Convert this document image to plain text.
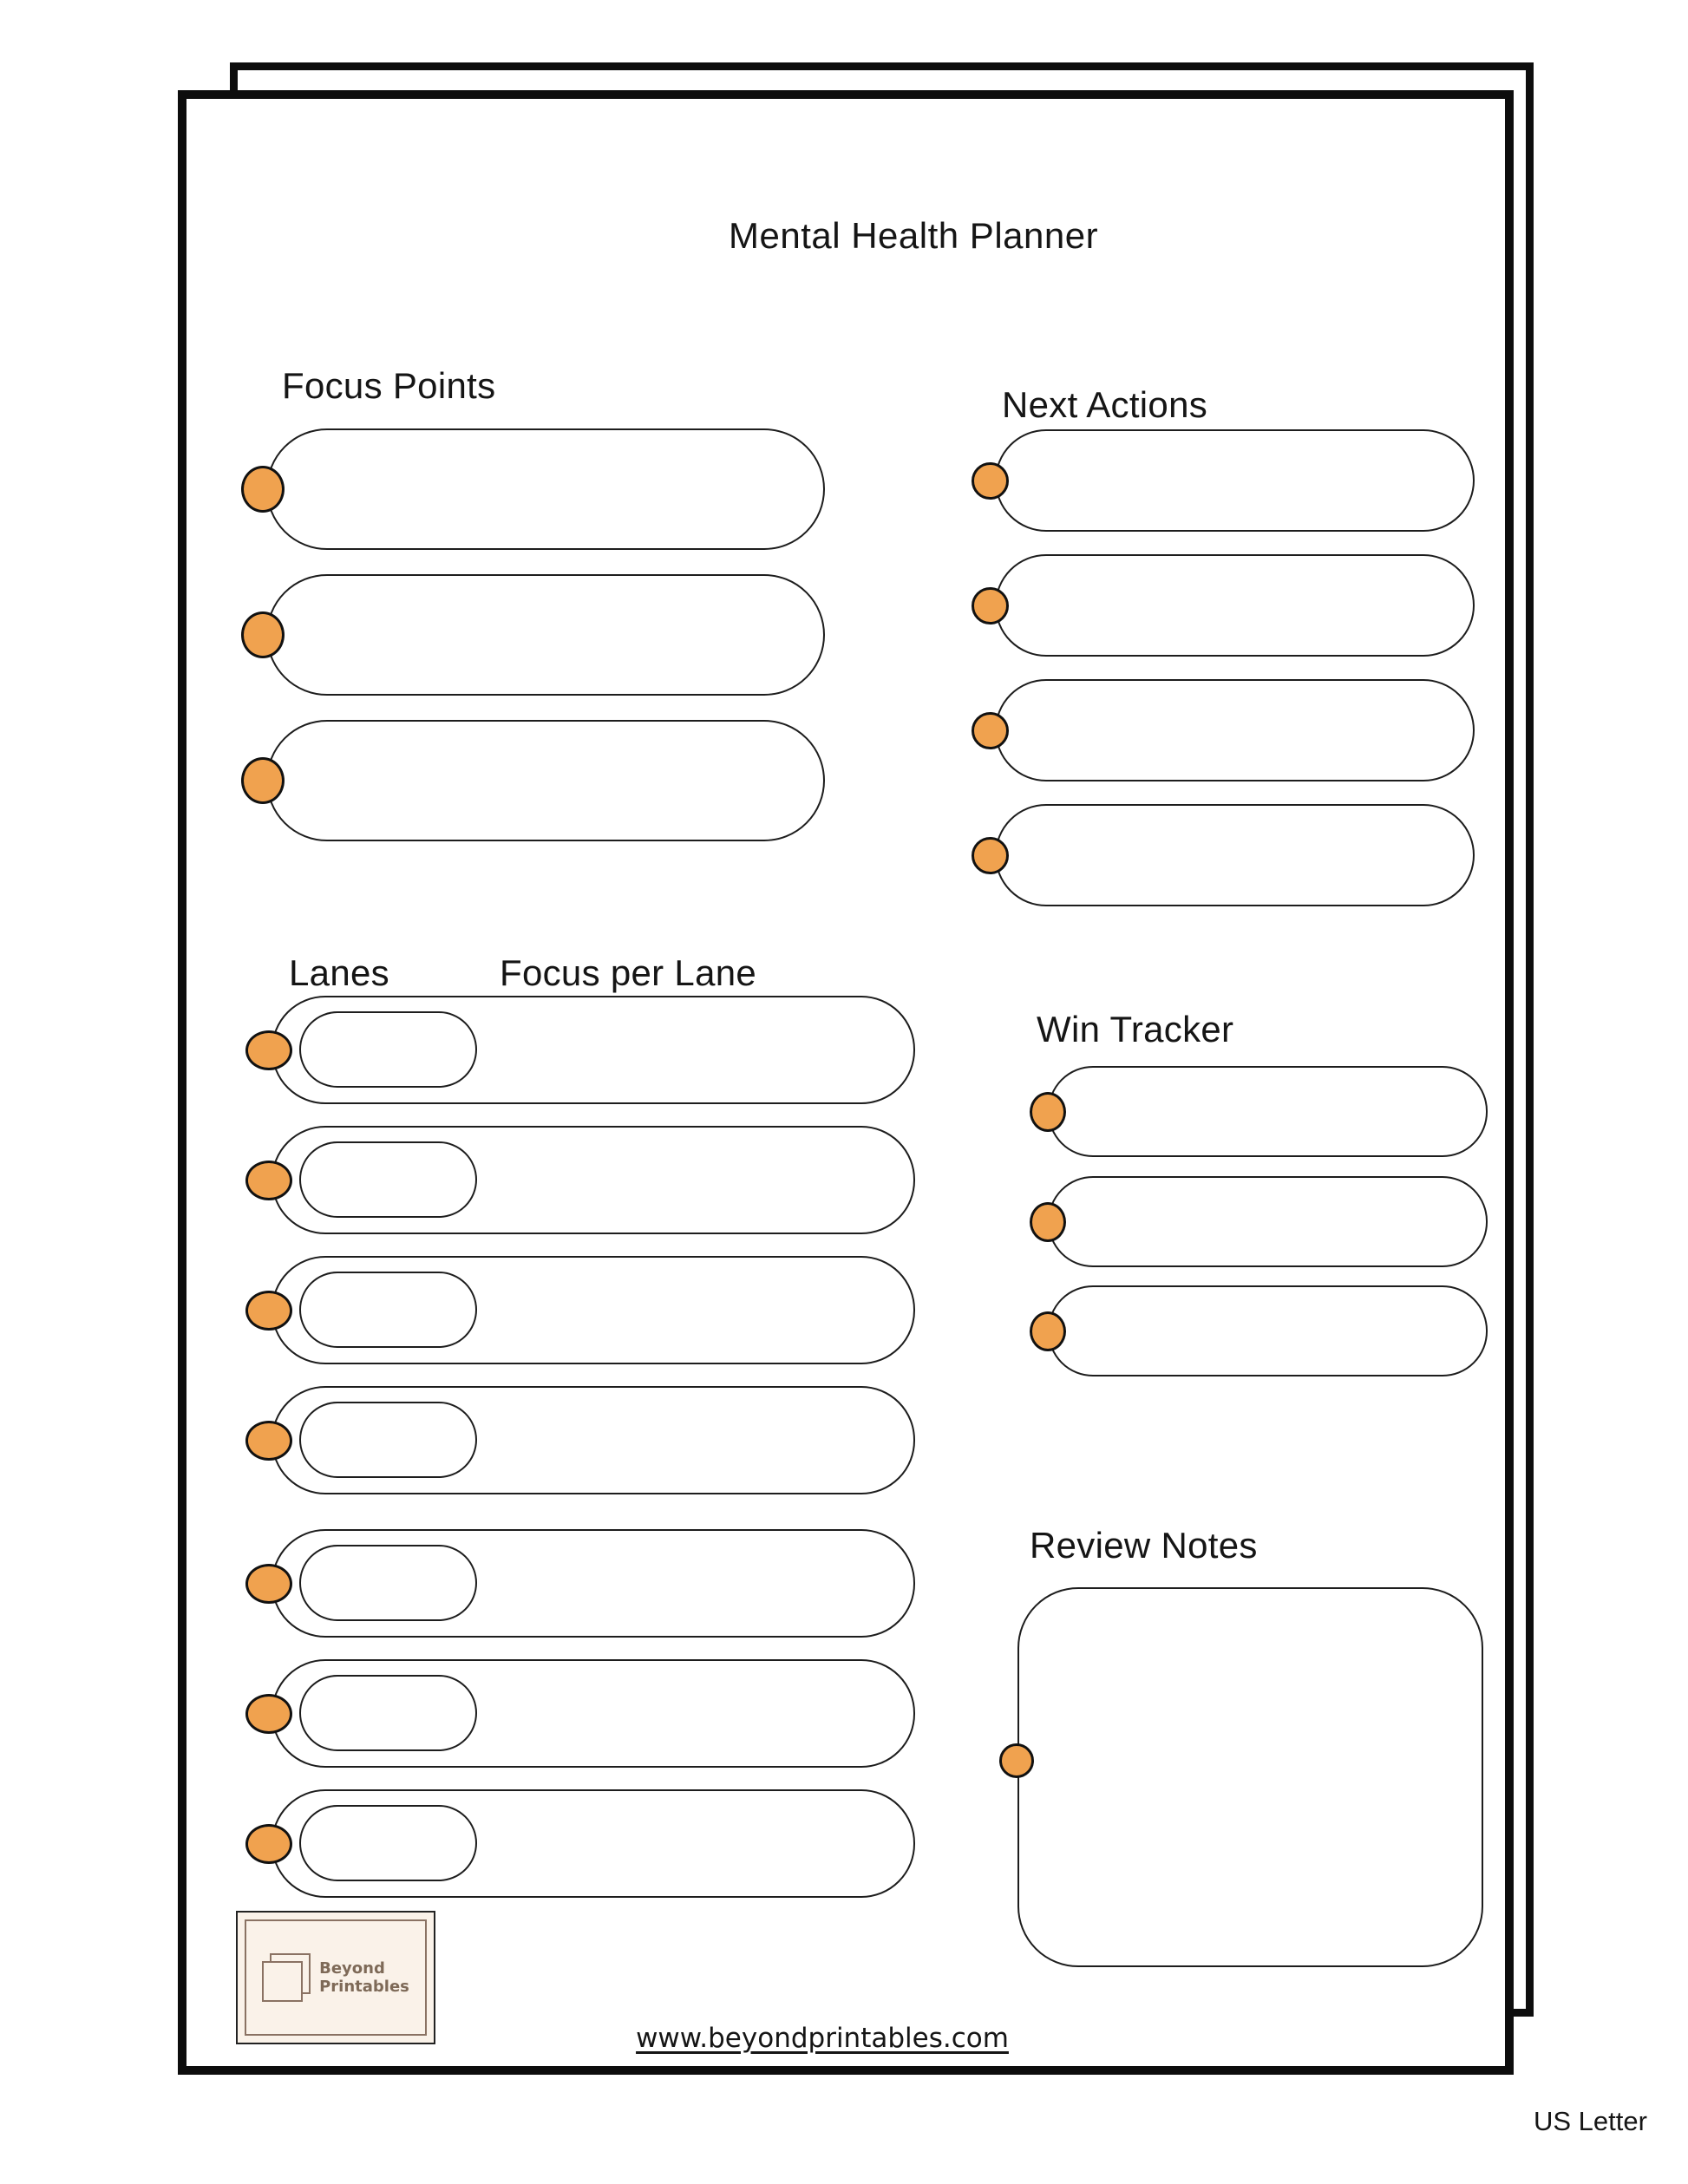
Mental Health Planner
Focus Points	Next Actions
Lanes	Focus per Lane
Win Tracker
Review Notes
Beyond
Printables
www.beyondprintables.com
US Letter
